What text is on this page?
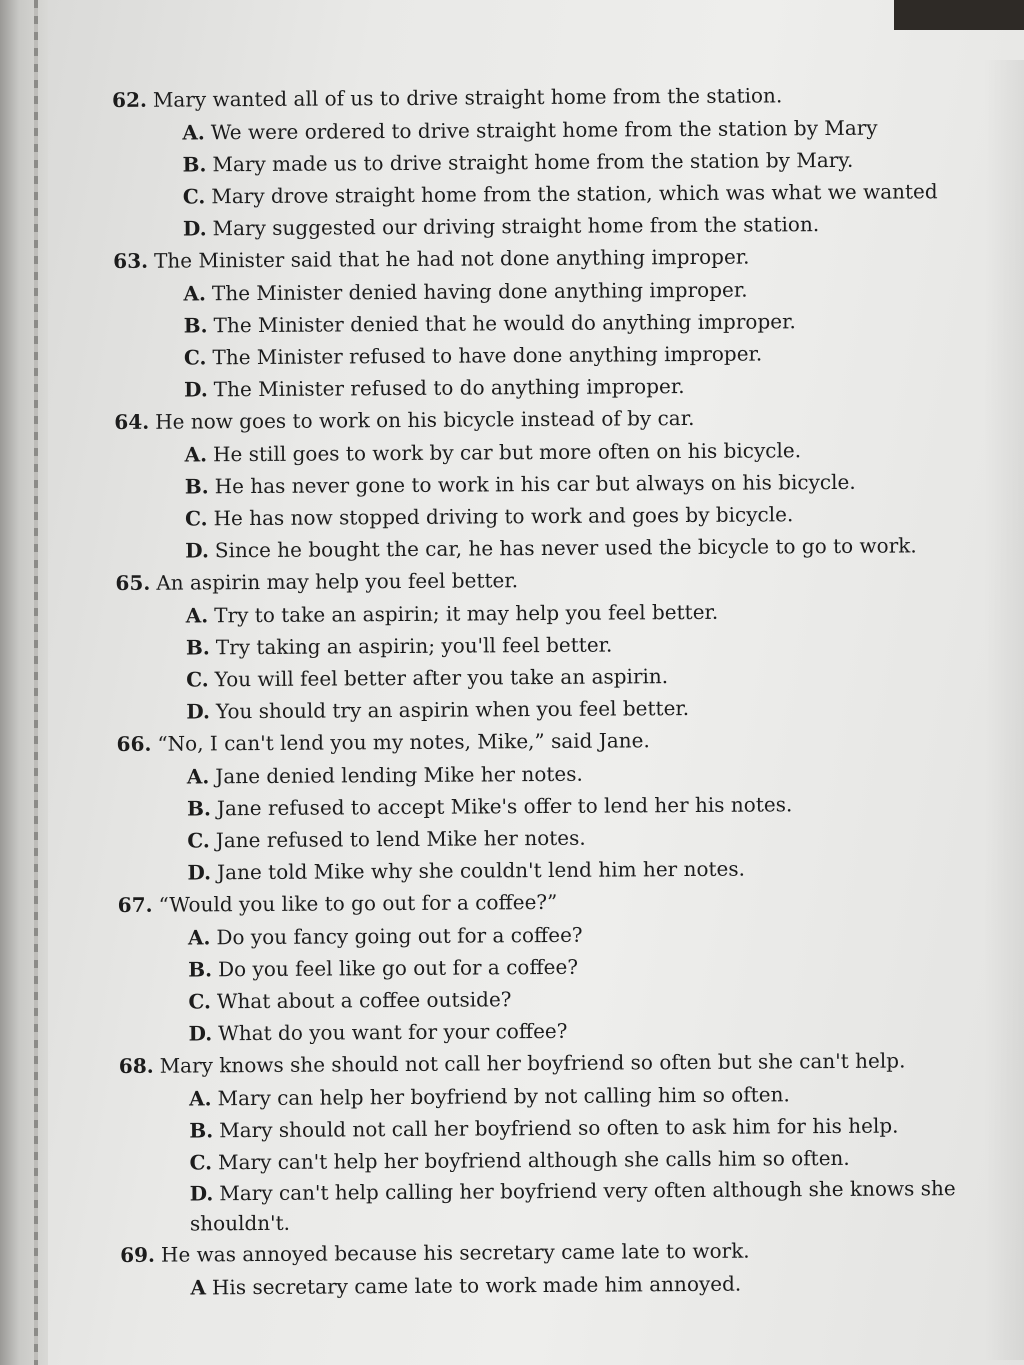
62. Mary wanted all of us to drive straight home from the station.
A. We were ordered to drive straight home from the station by Mary
B. Mary made us to drive straight home from the station by Mary.
C. Mary drove straight home from the station, which was what we wanted
D. Mary suggested our driving straight home from the station.
63. The Minister said that he had not done anything improper.
A. The Minister denied having done anything improper.
B. The Minister denied that he would do anything improper.
C. The Minister refused to have done anything improper.
D. The Minister refused to do anything improper.
64. He now goes to work on his bicycle instead of by car.
A. He still goes to work by car but more often on his bicycle.
B. He has never gone to work in his car but always on his bicycle.
C. He has now stopped driving to work and goes by bicycle.
D. Since he bought the car, he has never used the bicycle to go to work.
65. An aspirin may help you feel better.
A. Try to take an aspirin; it may help you feel better.
B. Try taking an aspirin; you'll feel better.
C. You will feel better after you take an aspirin.
D. You should try an aspirin when you feel better.
66. “No, I can't lend you my notes, Mike,” said Jane.
A. Jane denied lending Mike her notes.
B. Jane refused to accept Mike's offer to lend her his notes.
C. Jane refused to lend Mike her notes.
D. Jane told Mike why she couldn't lend him her notes.
67. “Would you like to go out for a coffee?”
A. Do you fancy going out for a coffee?
B. Do you feel like go out for a coffee?
C. What about a coffee outside?
D. What do you want for your coffee?
68. Mary knows she should not call her boyfriend so often but she can't help.
A. Mary can help her boyfriend by not calling him so often.
B. Mary should not call her boyfriend so often to ask him for his help.
C. Mary can't help her boyfriend although she calls him so often.
D. Mary can't help calling her boyfriend very often although she knows she shouldn't.
69. He was annoyed because his secretary came late to work.
A His secretary came late to work made him annoyed.
